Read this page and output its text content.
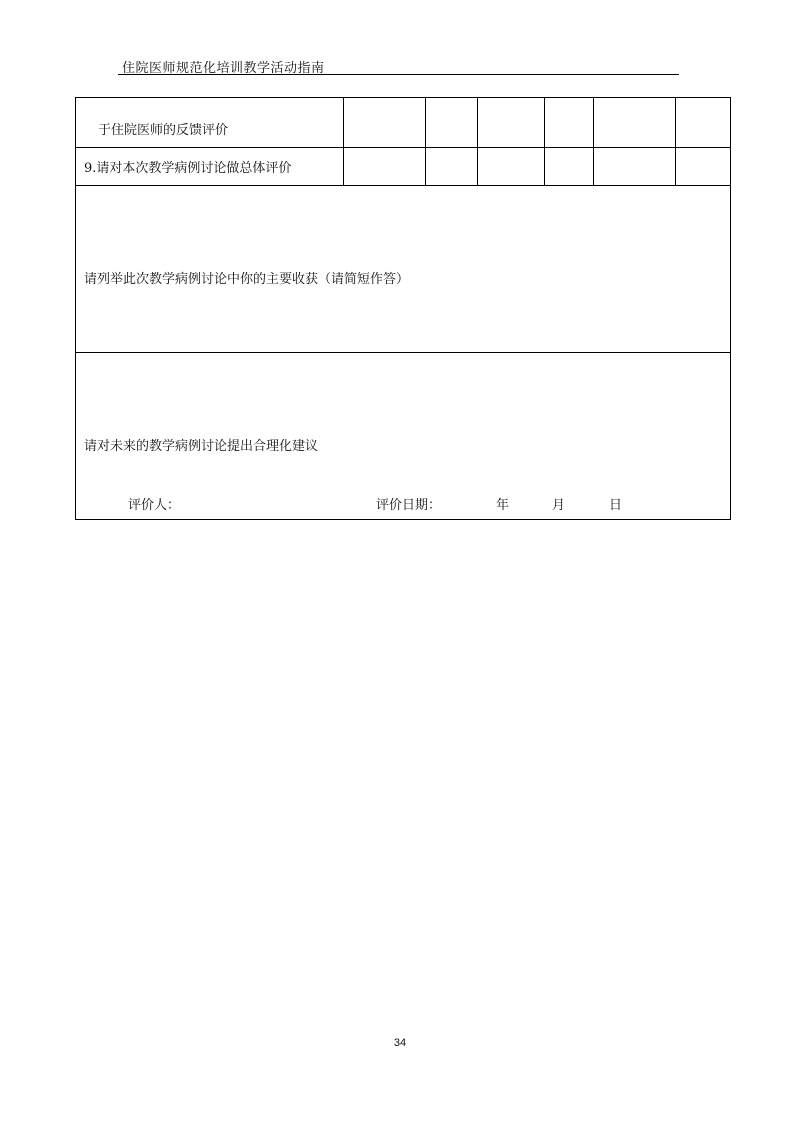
住院医师规范化培训教学活动指南
于住院医师的反馈评价						
9.请对本次教学病例讨论做总体评价						
请列举此次教学病例讨论中你的主要收获（请简短作答）						
请对未来的教学病例讨论提出合理化建议						
评价人：	评价日期：	年	月	日
34
